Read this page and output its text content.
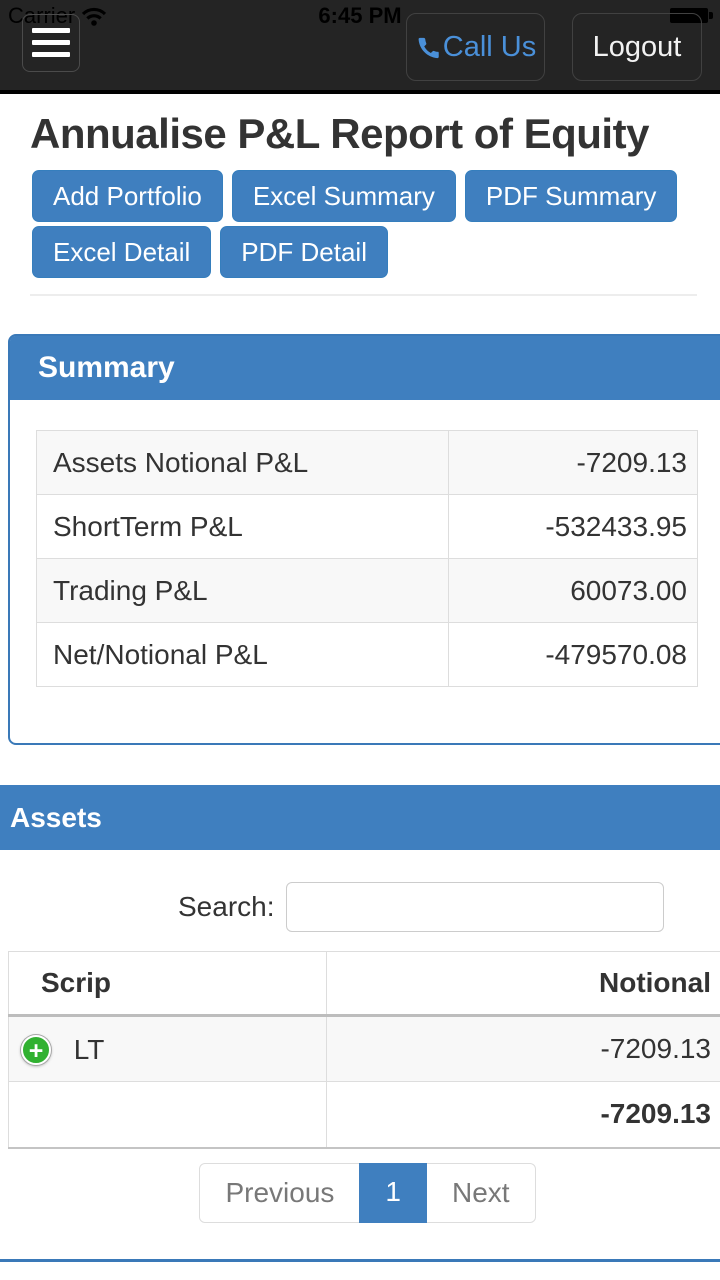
Carrier	6:45 PM
Call Us Logout
Annualise P&L Report of Equity
Add Portfolio Excel Summary PDF Summary
Excel Detail PDF Detail
Summary
Assets Notional P&L	-7209.13
ShortTerm P&L	-532433.95
Trading P&L	60073.00
Net/Notional P&L	-479570.08
Assets
Search:
Scrip	Notional
+ LT	-7209.13
	-7209.13
Previous	1	Next
